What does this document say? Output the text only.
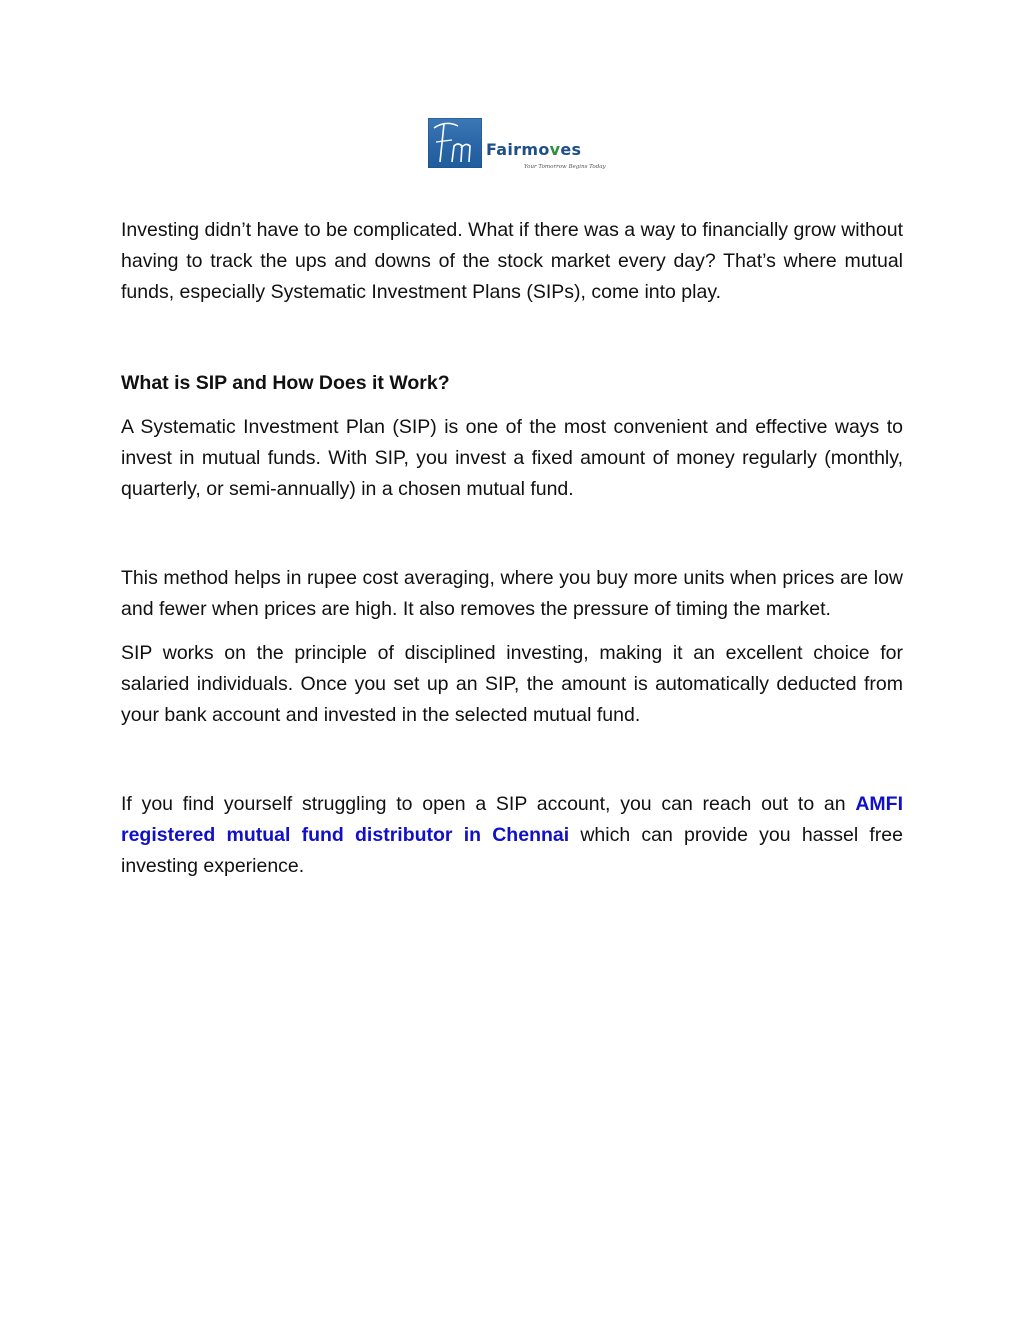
Fairmoves
Your Tomorrow Begins Today

Investing didn’t have to be complicated. What if there was a way to financially grow without having to track the ups and downs of the stock market every day? That’s where mutual funds, especially Systematic Investment Plans (SIPs), come into play.

What is SIP and How Does it Work?

A Systematic Investment Plan (SIP) is one of the most convenient and effective ways to invest in mutual funds. With SIP, you invest a fixed amount of money regularly (monthly, quarterly, or semi-annually) in a chosen mutual fund.

This method helps in rupee cost averaging, where you buy more units when prices are low and fewer when prices are high. It also removes the pressure of timing the market.

SIP works on the principle of disciplined investing, making it an excellent choice for salaried individuals. Once you set up an SIP, the amount is automatically deducted from your bank account and invested in the selected mutual fund.

If you find yourself struggling to open a SIP account, you can reach out to an AMFI registered mutual fund distributor in Chennai which can provide you hassel free investing experience.
